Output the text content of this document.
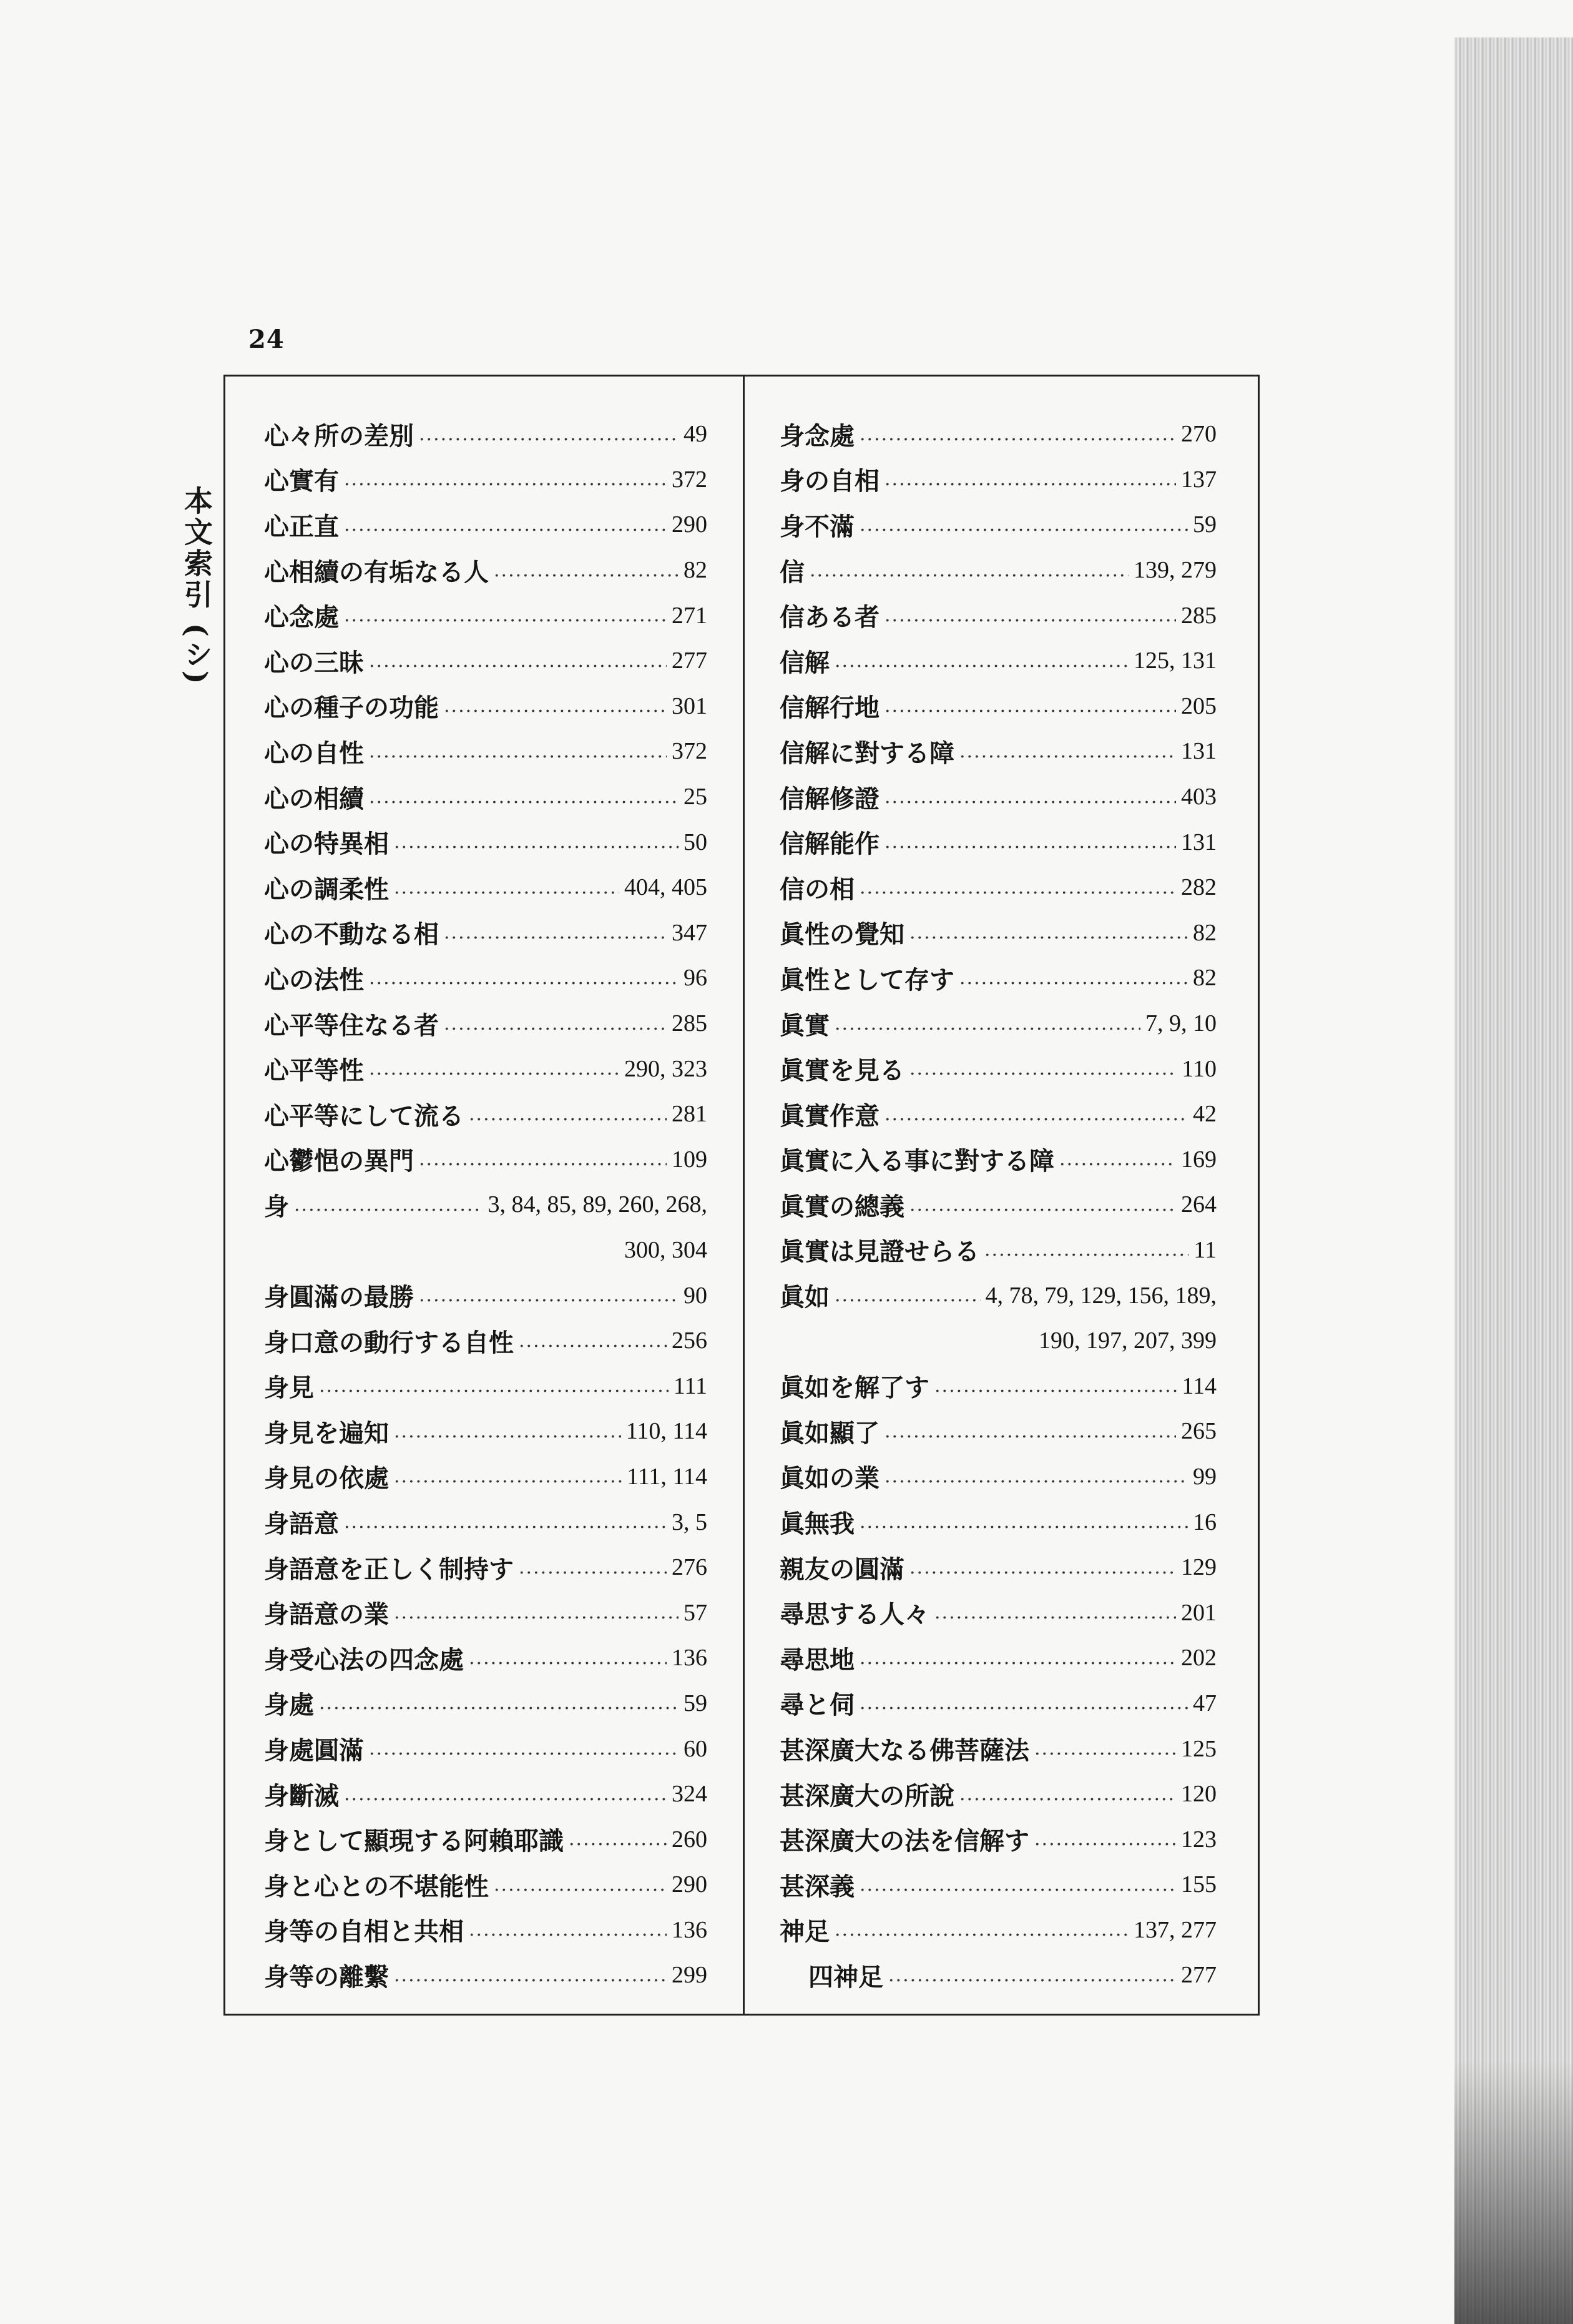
24
本文索引 (シ)
心々所の差別 .....	49
心實有 .....	372
心正直 .....	290
心相續の有垢なる人 .....	82
心念處 .....	271
心の三昧 .....	277
心の種子の功能 .....	301
心の自性 .....	372
心の相續 .....	25
心の特異相 .....	50
心の調柔性 .....	404, 405
心の不動なる相 .....	347
心の法性 .....	96
心平等住なる者 .....	285
心平等性 .....	290, 323
心平等にして流る .....	281
心鬱悒の異門 .....	109
身 .....	3, 84, 85, 89, 260, 268,
300, 304
身圓滿の最勝 .....	90
身口意の動行する自性 .....	256
身見 .....	111
身見を遍知 .....	110, 114
身見の依處 .....	111, 114
身語意 .....	3, 5
身語意を正しく制持す .....	276
身語意の業 .....	57
身受心法の四念處 .....	136
身處 .....	59
身處圓滿 .....	60
身斷滅 .....	324
身として顯現する阿賴耶識 .....	260
身と心との不堪能性 .....	290
身等の自相と共相 .....	136
身等の離繫 .....	299
身念處 .....	270
身の自相 .....	137
身不滿 .....	59
信 .....	139, 279
信ある者 .....	285
信解 .....	125, 131
信解行地 .....	205
信解に對する障 .....	131
信解修證 .....	403
信解能作 .....	131
信の相 .....	282
眞性の覺知 .....	82
眞性として存す .....	82
眞實 .....	7, 9, 10
眞實を見る .....	110
眞實作意 .....	42
眞實に入る事に對する障 .....	169
眞實の總義 .....	264
眞實は見證せらる .....	11
眞如 .....	4, 78, 79, 129, 156, 189,
190, 197, 207, 399
眞如を解了す .....	114
眞如顯了 .....	265
眞如の業 .....	99
眞無我 .....	16
親友の圓滿 .....	129
尋思する人々 .....	201
尋思地 .....	202
尋と伺 .....	47
甚深廣大なる佛菩薩法 .....	125
甚深廣大の所說 .....	120
甚深廣大の法を信解す .....	123
甚深義 .....	155
神足 .....	137, 277
四神足 .....	277
